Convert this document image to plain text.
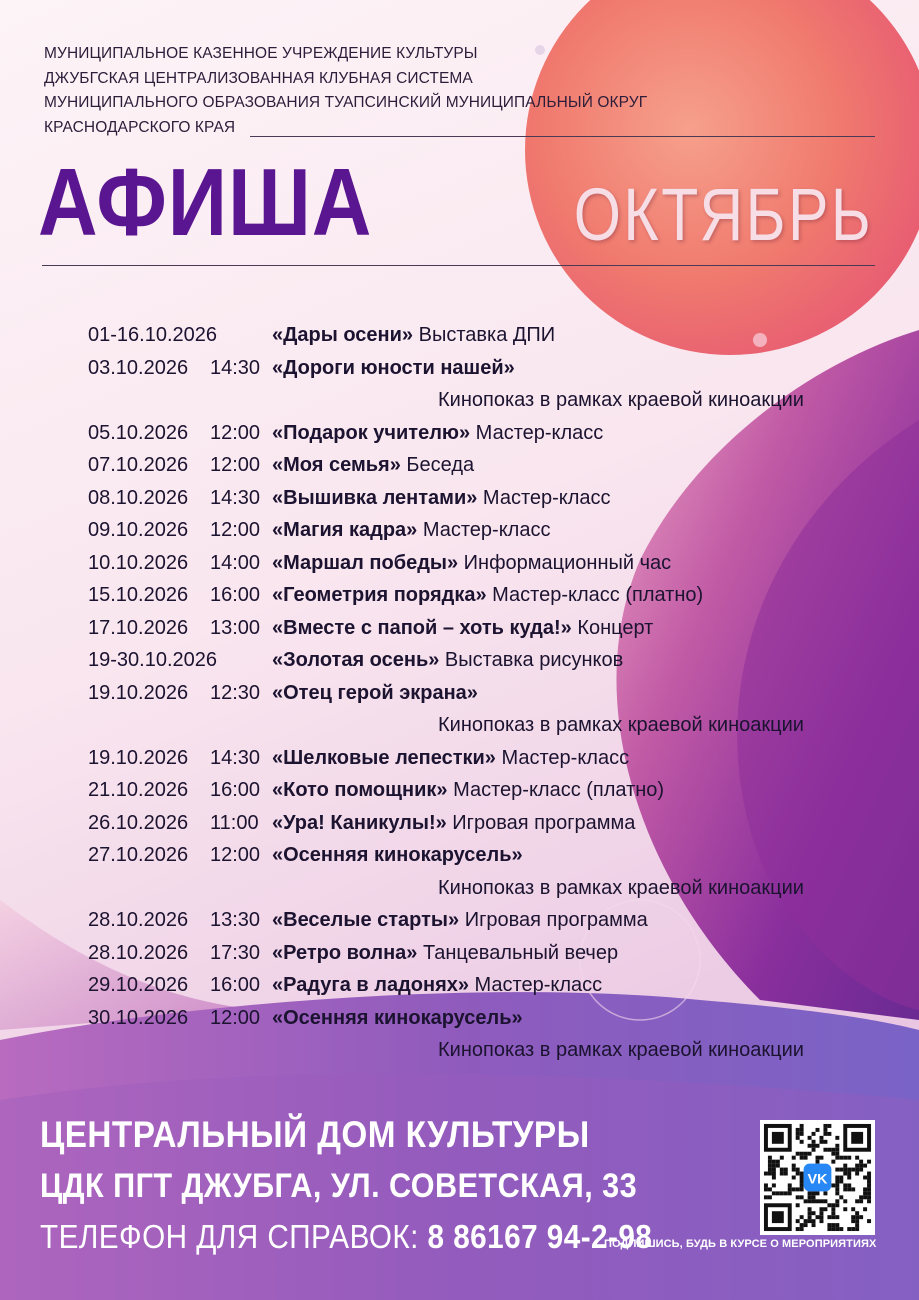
МУНИЦИПАЛЬНОЕ КАЗЕННОЕ УЧРЕЖДЕНИЕ КУЛЬТУРЫ
ДЖУБГСКАЯ ЦЕНТРАЛИЗОВАННАЯ КЛУБНАЯ СИСТЕМА
МУНИЦИПАЛЬНОГО ОБРАЗОВАНИЯ ТУАПСИНСКИЙ МУНИЦИПАЛЬНЫЙ ОКРУГ
КРАСНОДАРСКОГО КРАЯ
АФИША	ОКТЯБРЬ
01-16.10.2026	«Дары осени» Выставка ДПИ
03.10.2026 14:30 «Дороги юности нашей»
Кинопоказ в рамках краевой киноакции
05.10.2026 12:00 «Подарок учителю» Мастер-класс
07.10.2026 12:00 «Моя семья» Беседа
08.10.2026 14:30 «Вышивка лентами» Мастер-класс
09.10.2026 12:00 «Магия кадра» Мастер-класс
10.10.2026 14:00 «Маршал победы» Информационный час
15.10.2026 16:00 «Геометрия порядка» Мастер-класс (платно)
17.10.2026 13:00 «Вместе с папой – хоть куда!» Концерт
19-30.10.2026	«Золотая осень» Выставка рисунков
19.10.2026 12:30 «Отец герой экрана»
Кинопоказ в рамках краевой киноакции
19.10.2026 14:30 «Шелковые лепестки» Мастер-класс
21.10.2026 16:00 «Кото помощник» Мастер-класс (платно)
26.10.2026 11:00 «Ура! Каникулы!» Игровая программа
27.10.2026 12:00 «Осенняя кинокарусель»
Кинопоказ в рамках краевой киноакции
28.10.2026 13:30 «Веселые старты» Игровая программа
28.10.2026 17:30 «Ретро волна» Танцевальный вечер
29.10.2026 16:00 «Радуга в ладонях» Мастер-класс
30.10.2026 12:00 «Осенняя кинокарусель»
Кинопоказ в рамках краевой киноакции
ЦЕНТРАЛЬНЫЙ ДОМ КУЛЬТУРЫ
ЦДК ПГТ ДЖУБГА, УЛ. СОВЕТСКАЯ, 33
ТЕЛЕФОН ДЛЯ СПРАВОК: 8 86167 94-2-98
VK
ПОДПИШИСЬ, БУДЬ В КУРСЕ О МЕРОПРИЯТИЯХ
